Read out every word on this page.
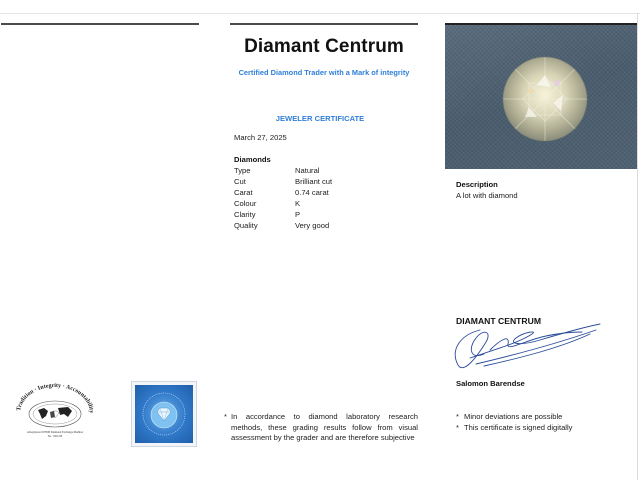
Diamant Centrum
Certified Diamond Trader with a Mark of integrity
JEWELER CERTIFICATE
March 27, 2025
Diamonds
Type	Natural
Cut	Brilliant cut
Carat	0.74 carat
Colour	K
Clarity	P
Quality	Very good
Description
A lot with diamond
DIAMANT CENTRUM
Salomon Barendse
* Minor deviations are possible
* This certificate is signed digitally
* In accordance to diamond laboratory research methods, these grading results follow from visual assessment by the grader and are therefore subjective
Tradition · Integrity · Accountability
A Registered WFDB Diamond Exchange Member
No. 7491/1B
